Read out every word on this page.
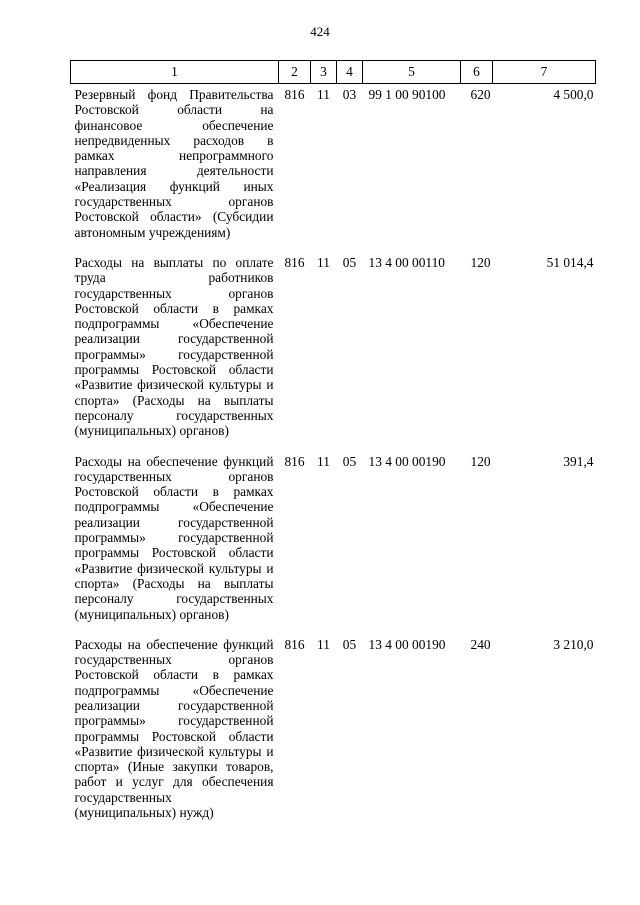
424
1	2	3	4	5	6	7
Резервный фонд Правительства Ростовской области на финансовое обеспечение непредвиденных расходов в рамках непрограммного направления деятельности «Реализация функций иных государственных органов Ростовской области» (Субсидии автономным учреждениям)	816	11	03	99 1 00 90100	620	4 500,0
Расходы на выплаты по оплате труда работников государственных органов Ростовской области в рамках подпрограммы «Обеспечение реализации государственной программы» государственной программы Ростовской области «Развитие физической культуры и спорта» (Расходы на выплаты персоналу государственных (муниципальных) органов)	816	11	05	13 4 00 00110	120	51 014,4
Расходы на обеспечение функций государственных органов Ростовской области в рамках подпрограммы «Обеспечение реализации государственной программы» государственной программы Ростовской области «Развитие физической культуры и спорта» (Расходы на выплаты персоналу государственных (муниципальных) органов)	816	11	05	13 4 00 00190	120	391,4
Расходы на обеспечение функций государственных органов Ростовской области в рамках подпрограммы «Обеспечение реализации государственной программы» государственной программы Ростовской области «Развитие физической культуры и спорта» (Иные закупки товаров, работ и услуг для обеспечения государственных (муниципальных) нужд)	816	11	05	13 4 00 00190	240	3 210,0
